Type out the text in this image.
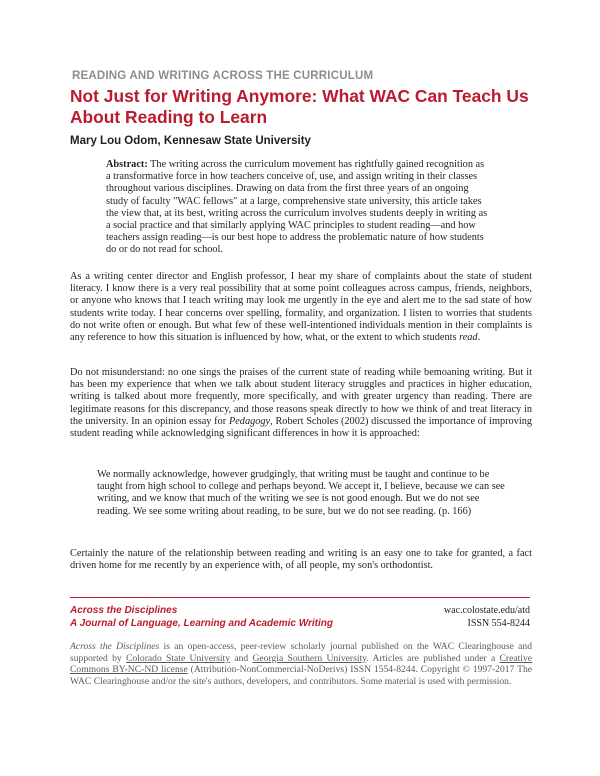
READING AND WRITING ACROSS THE CURRICULUM
Not Just for Writing Anymore: What WAC Can Teach Us About Reading to Learn
Mary Lou Odom, Kennesaw State University
Abstract: The writing across the curriculum movement has rightfully gained recognition as a transformative force in how teachers conceive of, use, and assign writing in their classes throughout various disciplines. Drawing on data from the first three years of an ongoing study of faculty "WAC fellows" at a large, comprehensive state university, this article takes the view that, at its best, writing across the curriculum involves students deeply in writing as a social practice and that similarly applying WAC principles to student reading—and how teachers assign reading—is our best hope to address the problematic nature of how students do or do not read for school.
As a writing center director and English professor, I hear my share of complaints about the state of student literacy. I know there is a very real possibility that at some point colleagues across campus, friends, neighbors, or anyone who knows that I teach writing may look me urgently in the eye and alert me to the sad state of how students write today. I hear concerns over spelling, formality, and organization. I listen to worries that students do not write often or enough. But what few of these well-intentioned individuals mention in their complaints is any reference to how this situation is influenced by how, what, or the extent to which students read.
Do not misunderstand: no one sings the praises of the current state of reading while bemoaning writing. But it has been my experience that when we talk about student literacy struggles and practices in higher education, writing is talked about more frequently, more specifically, and with greater urgency than reading. There are legitimate reasons for this discrepancy, and those reasons speak directly to how we think of and treat literacy in the university. In an opinion essay for Pedagogy, Robert Scholes (2002) discussed the importance of improving student reading while acknowledging significant differences in how it is approached:
We normally acknowledge, however grudgingly, that writing must be taught and continue to be taught from high school to college and perhaps beyond. We accept it, I believe, because we can see writing, and we know that much of the writing we see is not good enough. But we do not see reading. We see some writing about reading, to be sure, but we do not see reading. (p. 166)
Certainly the nature of the relationship between reading and writing is an easy one to take for granted, a fact driven home for me recently by an experience with, of all people, my son's orthodontist.
Across the Disciplines
A Journal of Language, Learning and Academic Writing
wac.colostate.edu/atd
ISSN 554-8244
Across the Disciplines is an open-access, peer-review scholarly journal published on the WAC Clearinghouse and supported by Colorado State University and Georgia Southern University. Articles are published under a Creative Commons BY-NC-ND license (Attribution-NonCommercial-NoDerivs) ISSN 1554-8244. Copyright © 1997-2017 The WAC Clearinghouse and/or the site's authors, developers, and contributors. Some material is used with permission.
